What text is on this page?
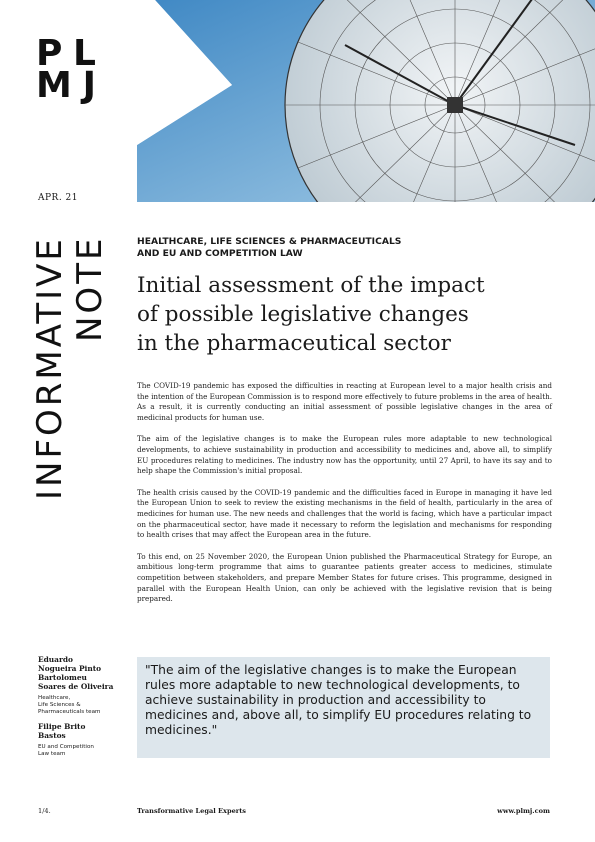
P L
M J
APR. 21
INFORMATIVE NOTE	HEALTHCARE, LIFE SCIENCES & PHARMACEUTICALS
AND EU AND COMPETITION LAW
Initial assessment of the impact
of possible legislative changes
in the pharmaceutical sector

The COVID-19 pandemic has exposed the difficulties in reacting at European level to a major health crisis and the intention of the European Commission is to respond more effectively to future problems in the area of health. As a result, it is currently conducting an initial assessment of possible legislative changes in the area of medicinal products for human use.

The aim of the legislative changes is to make the European rules more adaptable to new technological developments, to achieve sustainability in production and accessibility to medicines and, above all, to simplify EU procedures relating to medicines. The industry now has the opportunity, until 27 April, to have its say and to help shape the Commission's initial proposal.

The health crisis caused by the COVID-19 pandemic and the difficulties faced in Europe in managing it have led the European Union to seek to review the existing mechanisms in the field of health, particularly in the area of medicines for human use. The new needs and challenges that the world is facing, which have a particular impact on the pharmaceutical sector, have made it necessary to reform the legislation and mechanisms for responding to health crises that may affect the European area in the future.

To this end, on 25 November 2020, the European Union published the Pharmaceutical Strategy for Europe, an ambitious long-term programme that aims to guarantee patients greater access to medicines, stimulate competition between stakeholders, and prepare Member States for future crises. This programme, designed in parallel with the European Health Union, can only be achieved with the legislative revision that is being prepared.

Eduardo
Nogueira Pinto
Bartolomeu
Soares de Oliveira
Healthcare,
Life Sciences &
Pharmaceuticals team
Filipe Brito
Bastos
EU and Competition
Law team
"The aim of the legislative changes is to make the European rules more adaptable to new technological developments, to achieve sustainability in production and accessibility to medicines and, above all, to simplify EU procedures relating to medicines."
1/4.	Transformative Legal Experts	www.plmj.com
